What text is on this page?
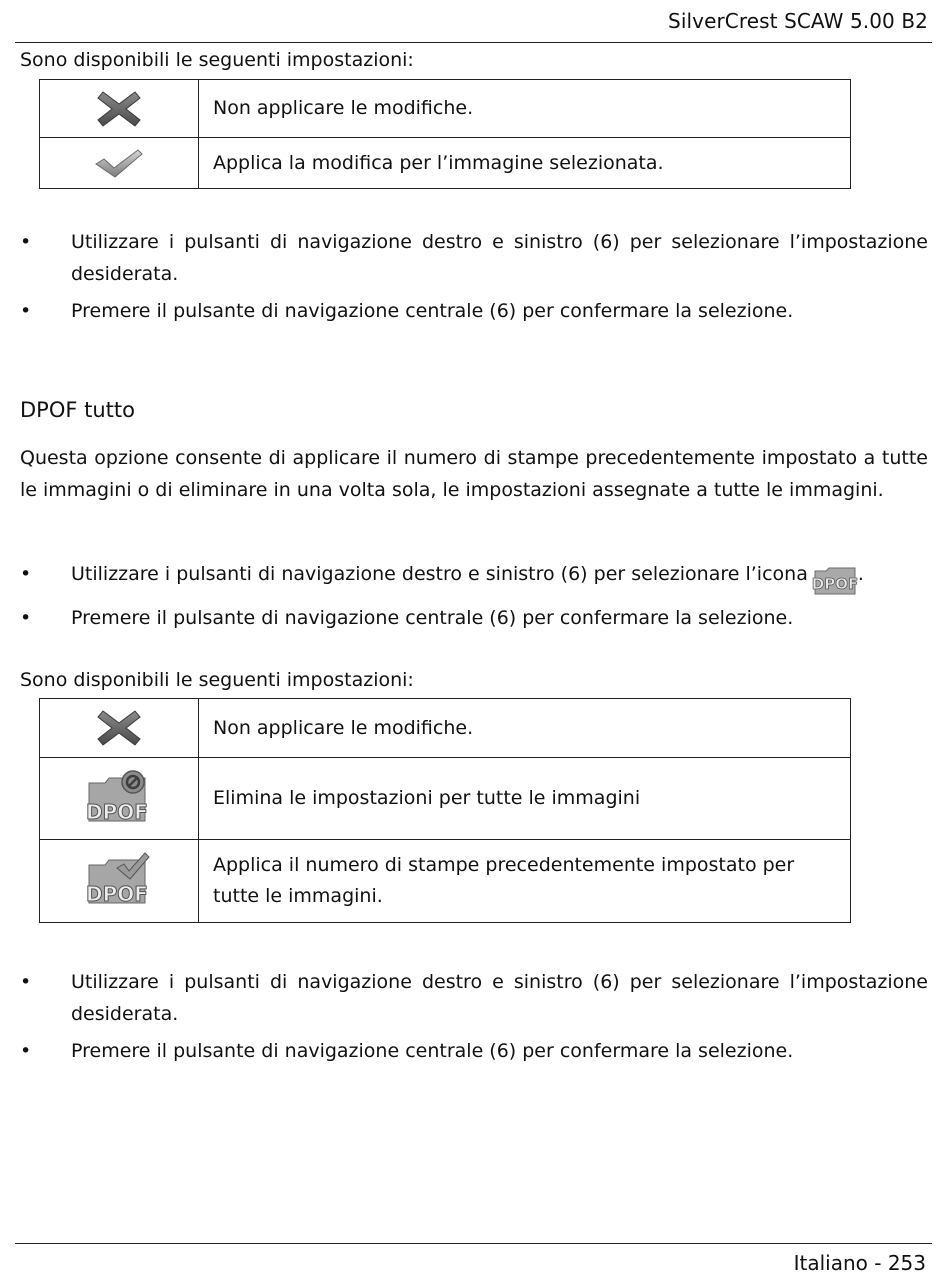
SilverCrest SCAW 5.00 B2
Sono disponibili le seguenti impostazioni:
	Non applicare le modifiche.
	Applica la modifica per l’immagine selezionata.
• Utilizzare i pulsanti di navigazione destro e sinistro (6) per selezionare l’impostazione desiderata.
• Premere il pulsante di navigazione centrale (6) per confermare la selezione.
DPOF tutto
Questa opzione consente di applicare il numero di stampe precedentemente impostato a tutte le immagini o di eliminare in una volta sola, le impostazioni assegnate a tutte le immagini.
• Utilizzare i pulsanti di navigazione destro e sinistro (6) per selezionare l’icona DPOF .
• Premere il pulsante di navigazione centrale (6) per confermare la selezione.
Sono disponibili le seguenti impostazioni:
	Non applicare le modifiche.

DPOF	Elimina le impostazioni per tutte le immagini

DPOF	Applica il numero di stampe precedentemente impostato per tutte le immagini.
• Utilizzare i pulsanti di navigazione destro e sinistro (6) per selezionare l’impostazione desiderata.
• Premere il pulsante di navigazione centrale (6) per confermare la selezione.
Italiano - 253
